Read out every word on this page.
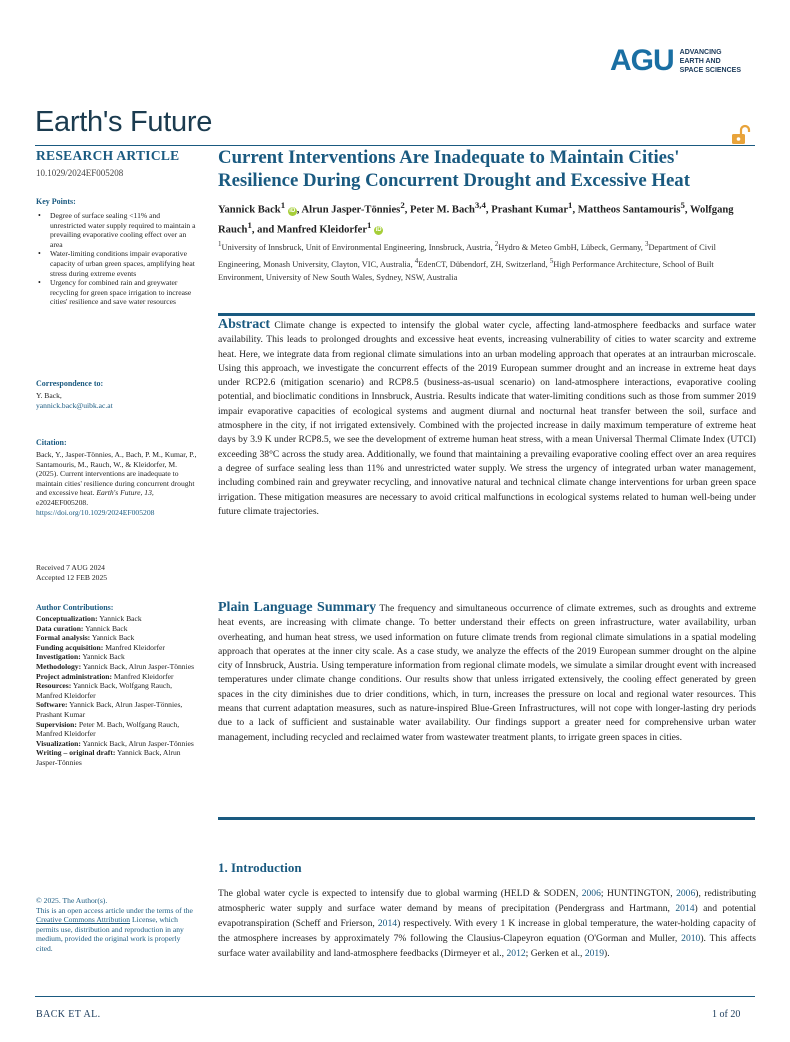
AGU ADVANCING
EARTH AND
SPACE SCIENCES
Earth's Future
RESEARCH ARTICLE
10.1029/2024EF005208
Key Points:
• Degree of surface sealing <11% and unrestricted water supply required to maintain a prevailing evaporative cooling effect over an area
• Water-limiting conditions impair evaporative capacity of urban green spaces, amplifying heat stress during extreme events
• Urgency for combined rain and greywater recycling for green space irrigation to increase cities' resilience and save water resources
Correspondence to:
Y. Back,
yannick.back@uibk.ac.at
Citation:
Back, Y., Jasper-Tönnies, A., Bach, P. M., Kumar, P., Santamouris, M., Rauch, W., & Kleidorfer, M. (2025). Current interventions are inadequate to maintain cities' resilience during concurrent drought and excessive heat. Earth's Future, 13, e2024EF005208. https://doi.org/10.1029/2024EF005208
Received 7 AUG 2024
Accepted 12 FEB 2025
Author Contributions:
Conceptualization: Yannick Back
Data curation: Yannick Back
Formal analysis: Yannick Back
Funding acquisition: Manfred Kleidorfer
Investigation: Yannick Back
Methodology: Yannick Back, Alrun Jasper-Tönnies
Project administration: Manfred Kleidorfer
Resources: Yannick Back, Wolfgang Rauch, Manfred Kleidorfer
Software: Yannick Back, Alrun Jasper-Tönnies, Prashant Kumar
Supervision: Peter M. Bach, Wolfgang Rauch, Manfred Kleidorfer
Visualization: Yannick Back, Alrun Jasper-Tönnies
Writing – original draft: Yannick Back, Alrun Jasper-Tönnies
© 2025. The Author(s).
This is an open access article under the terms of the Creative Commons Attribution License, which permits use, distribution and reproduction in any medium, provided the original work is properly cited.
Current Interventions Are Inadequate to Maintain Cities' Resilience During Concurrent Drought and Excessive Heat
Yannick Back$^1$ iD , Alrun Jasper-Tönnies$^2$, Peter M. Bach$^{3,4}$, Prashant Kumar$^1$, Mattheos Santamouris$^5$, Wolfgang Rauch$^1$, and Manfred Kleidorfer$^1$ iD
$^1$University of Innsbruck, Unit of Environmental Engineering, Innsbruck, Austria, $^2$Hydro & Meteo GmbH, Lübeck, Germany, $^3$Department of Civil Engineering, Monash University, Clayton, VIC, Australia, $^4$EdenCT, Dübendorf, ZH, Switzerland, $^5$High Performance Architecture, School of Built Environment, University of New South Wales, Sydney, NSW, Australia
Abstract Climate change is expected to intensify the global water cycle, affecting land-atmosphere feedbacks and surface water availability. This leads to prolonged droughts and excessive heat events, increasing vulnerability of cities to water scarcity and extreme heat. Here, we integrate data from regional climate simulations into an urban modeling approach that operates at an intraurban microscale. Using this approach, we investigate the concurrent effects of the 2019 European summer drought and an increase in extreme heat days under RCP2.6 (mitigation scenario) and RCP8.5 (business-as-usual scenario) on land-atmosphere interactions, evaporative cooling potential, and bioclimatic conditions in Innsbruck, Austria. Results indicate that water-limiting conditions such as those from summer 2019 impair evaporative capacities of ecological systems and augment diurnal and nocturnal heat transfer between the soil, surface and atmosphere in the city, if not irrigated extensively. Combined with the projected increase in daily maximum temperature of extreme heat days by 3.9 K under RCP8.5, we see the development of extreme human heat stress, with a mean Universal Thermal Climate Index (UTCI) exceeding 38°C across the study area. Additionally, we found that maintaining a prevailing evaporative cooling effect over an area requires a degree of surface sealing less than 11% and unrestricted water supply. We stress the urgency of integrated urban water management, including combined rain and greywater recycling, and innovative natural and technical climate change interventions for urban green space irrigation. These mitigation measures are necessary to avoid critical malfunctions in ecological systems related to human well-being under future climate trajectories.
Plain Language Summary The frequency and simultaneous occurrence of climate extremes, such as droughts and extreme heat events, are increasing with climate change. To better understand their effects on green infrastructure, water availability, urban overheating, and human heat stress, we used information on future climate trends from regional climate simulations in a spatial modeling approach that operates at the inner city scale. As a case study, we analyze the effects of the 2019 European summer drought on the alpine city of Innsbruck, Austria. Using temperature information from regional climate models, we simulate a similar drought event with increased temperatures under climate change conditions. Our results show that unless irrigated extensively, the cooling effect generated by green spaces in the city diminishes due to drier conditions, which, in turn, increases the pressure on local and regional water resources. This means that current adaptation measures, such as nature-inspired Blue-Green Infrastructures, will not cope with longer-lasting dry periods due to a lack of sufficient and sustainable water availability. Our findings support a greater need for comprehensive urban water management, including recycled and reclaimed water from wastewater treatment plants, to irrigate green spaces in cities.
1. Introduction
The global water cycle is expected to intensify due to global warming (HELD & SODEN, 2006; HUNTINGTON, 2006), redistributing atmospheric water supply and surface water demand by means of precipitation (Pendergrass and Hartmann, 2014) and potential evapotranspiration (Scheff and Frierson, 2014) respectively. With every 1 K increase in global temperature, the water-holding capacity of the atmosphere increases by approximately 7% following the Clausius-Clapeyron equation (O'Gorman and Muller, 2010). This affects surface water availability and land-atmosphere feedbacks (Dirmeyer et al., 2012; Gerken et al., 2019).
BACK ET AL.	1 of 20
